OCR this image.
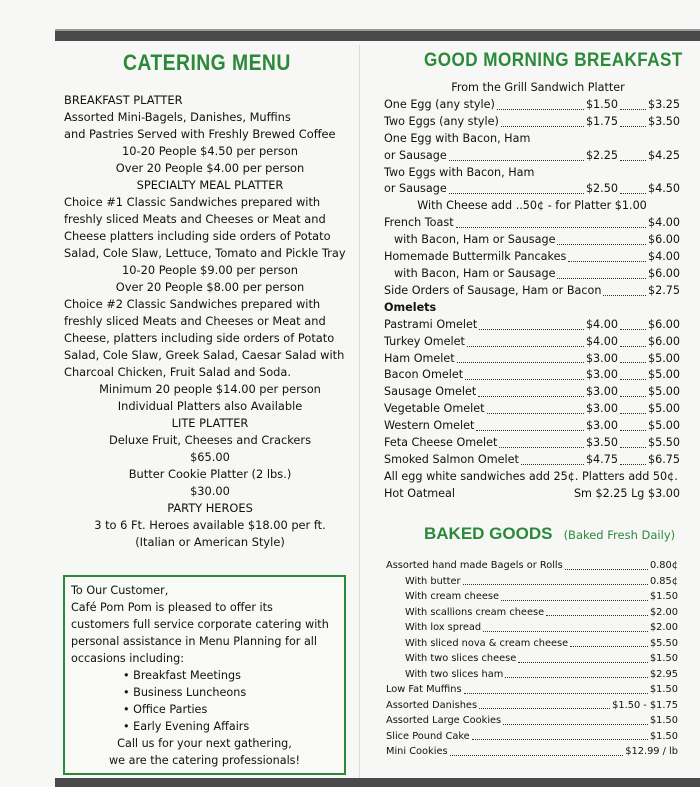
CATERING MENU
BREAKFAST PLATTER
Assorted Mini-Bagels, Danishes, Muffins
and Pastries Served with Freshly Brewed Coffee
10-20 People $4.50 per person
Over 20 People $4.00 per person
SPECIALTY MEAL PLATTER
Choice #1 Classic Sandwiches prepared with
freshly sliced Meats and Cheeses or Meat and
Cheese platters including side orders of Potato
Salad, Cole Slaw, Lettuce, Tomato and Pickle Tray
10-20 People $9.00 per person
Over 20 People $8.00 per person
Choice #2 Classic Sandwiches prepared with
freshly sliced Meats and Cheeses or Meat and
Cheese, platters including side orders of Potato
Salad, Cole Slaw, Greek Salad, Caesar Salad with
Charcoal Chicken, Fruit Salad and Soda.
Minimum 20 people $14.00 per person
Individual Platters also Available
LITE PLATTER
Deluxe Fruit, Cheeses and Crackers
$65.00
Butter Cookie Platter (2 lbs.)
$30.00
PARTY HEROES
3 to 6 Ft. Heroes available $18.00 per ft.
(Italian or American Style)
To Our Customer,
Café Pom Pom is pleased to offer its
customers full service corporate catering with
personal assistance in Menu Planning for all
occasions including:
• Breakfast Meetings
• Business Luncheons
• Office Parties
• Early Evening Affairs
Call us for your next gathering,
we are the catering professionals!
GOOD MORNING BREAKFAST
From the Grill Sandwich Platter
One Egg (any style)	$1.50	$3.25
Two Eggs (any style)	$1.75	$3.50
One Egg with Bacon, Ham
or Sausage	$2.25	$4.25
Two Eggs with Bacon, Ham
or Sausage	$2.50	$4.50
With Cheese add ..50¢ - for Platter $1.00
French Toast	$4.00
with Bacon, Ham or Sausage	$6.00
Homemade Buttermilk Pancakes	$4.00
with Bacon, Ham or Sausage	$6.00
Side Orders of Sausage, Ham or Bacon	$2.75
Omelets
Pastrami Omelet	$4.00	$6.00
Turkey Omelet	$4.00	$6.00
Ham Omelet	$3.00	$5.00
Bacon Omelet	$3.00	$5.00
Sausage Omelet	$3.00	$5.00
Vegetable Omelet	$3.00	$5.00
Western Omelet	$3.00	$5.00
Feta Cheese Omelet	$3.50	$5.50
Smoked Salmon Omelet	$4.75	$6.75
All egg white sandwiches add 25¢. Platters add 50¢.
Hot Oatmeal	Sm $2.25 Lg $3.00
BAKED GOODS (Baked Fresh Daily)
Assorted hand made Bagels or Rolls	0.80¢
With butter	0.85¢
With cream cheese	$1.50
With scallions cream cheese	$2.00
With lox spread	$2.00
With sliced nova & cream cheese	$5.50
With two slices cheese	$1.50
With two slices ham	$2.95
Low Fat Muffins	$1.50
Assorted Danishes	$1.50 - $1.75
Assorted Large Cookies	$1.50
Slice Pound Cake	$1.50
Mini Cookies	$12.99 / lb
